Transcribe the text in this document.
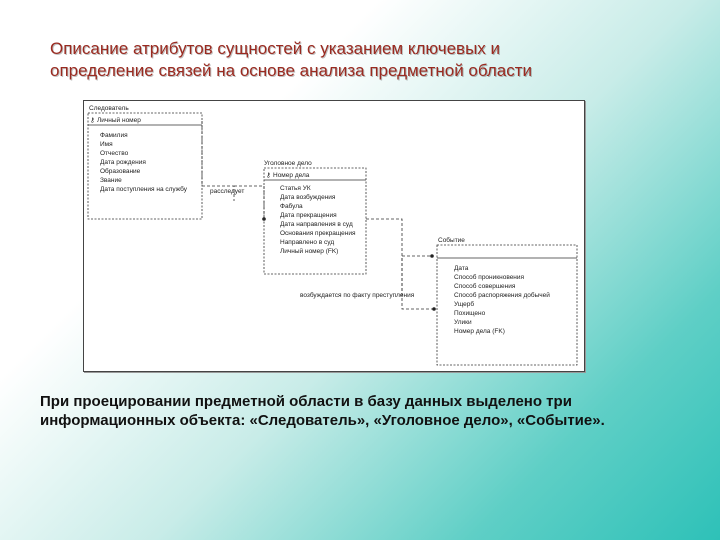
Описание атрибутов сущностей с указанием ключевых и
определение связей на основе анализа предметной области
Следователь
⚷ Личный номер
Фамилия
Имя
Отчество
Дата рождения
Образование
Звание
Дата поступления на службу	расследует
Уголовное дело
⚷ Номер дела
Статья УК
Дата возбуждения
Фабула
Дата прекращения
Дата направления в суд
Основания прекращения
Направлено в суд
Личный номер (FK)
возбуждается по факту преступления
Событие
Дата
Способ проникновения
Способ совершения
Способ распоряжения добычей
Ущерб
Похищено
Улики
Номер дела (FK)
При проецировании предметной области в базу данных выделено три
информационных объекта: «Следователь», «Уголовное дело», «Событие».
